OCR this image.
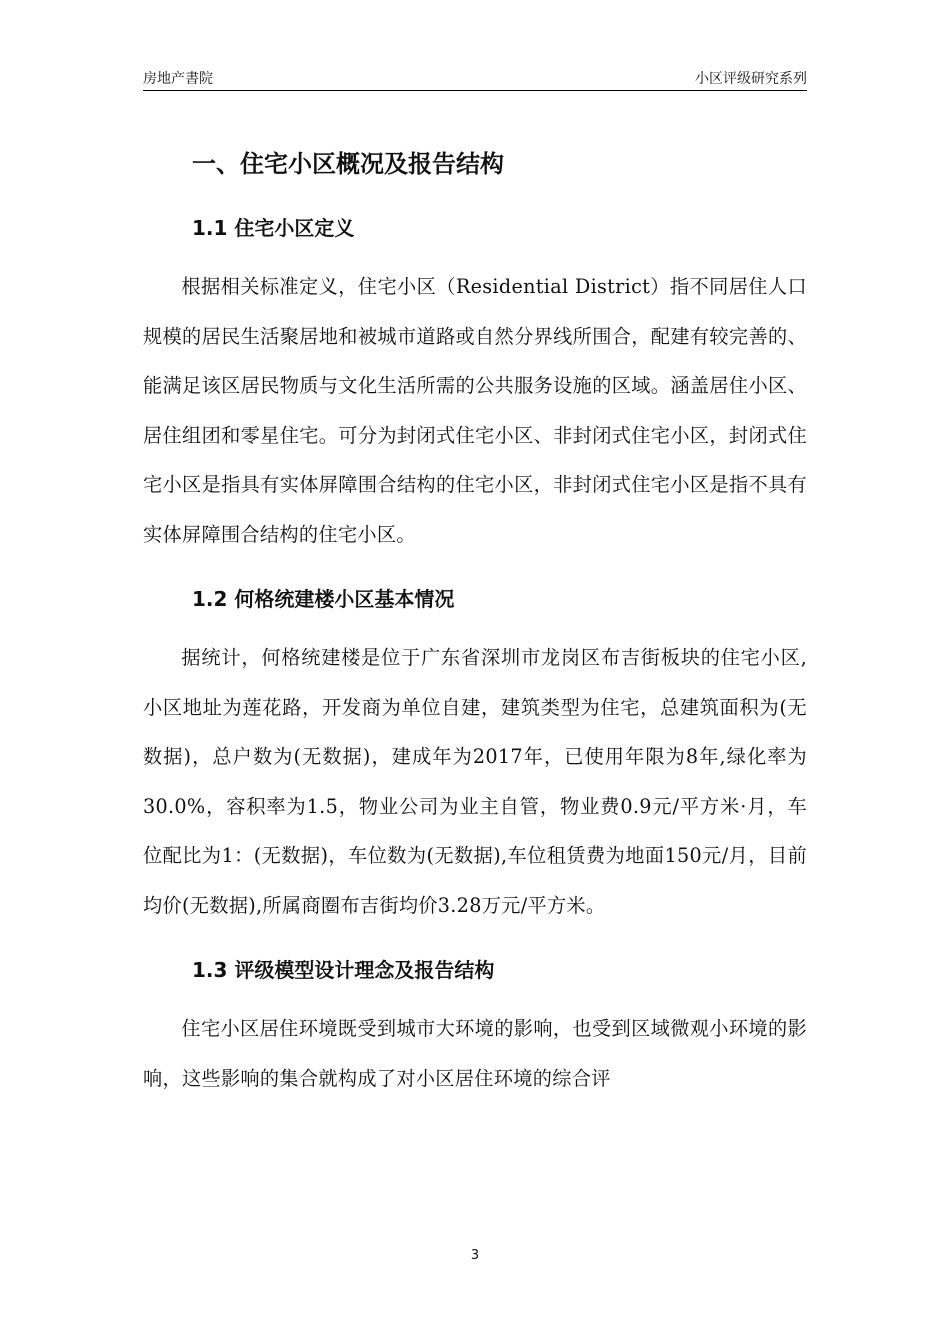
房地产書院	小区评级研究系列
一、住宅小区概况及报告结构
1.1 住宅小区定义

根据相关标准定义，住宅小区（Residential District）指不同居住人口规模的居民生活聚居地和被城市道路或自然分界线所围合，配建有较完善的、能满足该区居民物质与文化生活所需的公共服务设施的区域。涵盖居住小区、居住组团和零星住宅。可分为封闭式住宅小区、非封闭式住宅小区，封闭式住宅小区是指具有实体屏障围合结构的住宅小区，非封闭式住宅小区是指不具有实体屏障围合结构的住宅小区。

1.2 何格统建楼小区基本情况

据统计，何格统建楼是位于广东省深圳市龙岗区布吉街板块的住宅小区,小区地址为莲花路，开发商为单位自建，建筑类型为住宅，总建筑面积为(无数据)，总户数为(无数据)，建成年为2017年，已使用年限为8年,绿化率为30.0%，容积率为1.5，物业公司为业主自管，物业费0.9元/平方米·月，车位配比为1：(无数据)，车位数为(无数据),车位租赁费为地面150元/月，目前均价(无数据),所属商圈布吉街均价3.28万元/平方米。

1.3 评级模型设计理念及报告结构

住宅小区居住环境既受到城市大环境的影响，也受到区域微观小环境的影响，这些影响的集合就构成了对小区居住环境的综合评

3
